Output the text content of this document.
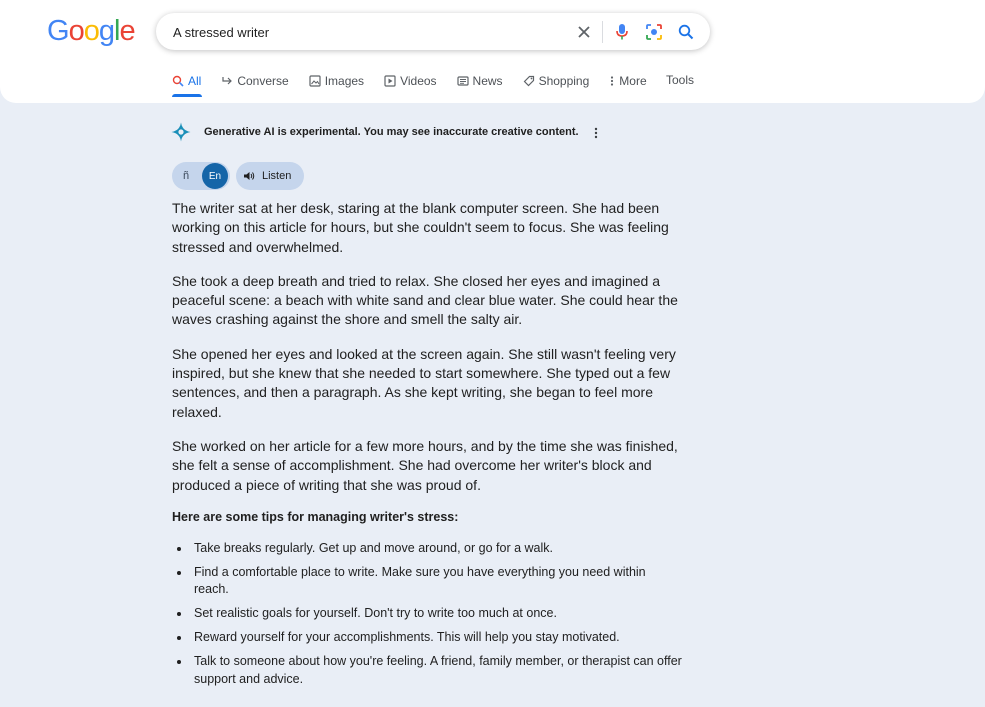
Google
A stressed writer
All	Converse	Images	Videos	News	Shopping	More Tools
Generative AI is experimental. You may see inaccurate creative content.
ñ	En	Listen

The writer sat at her desk, staring at the blank computer screen. She had been working on this article for hours, but she couldn't seem to focus. She was feeling stressed and overwhelmed.

She took a deep breath and tried to relax. She closed her eyes and imagined a peaceful scene: a beach with white sand and clear blue water. She could hear the waves crashing against the shore and smell the salty air.

She opened her eyes and looked at the screen again. She still wasn't feeling very inspired, but she knew that she needed to start somewhere. She typed out a few sentences, and then a paragraph. As she kept writing, she began to feel more relaxed.

She worked on her article for a few more hours, and by the time she was finished, she felt a sense of accomplishment. She had overcome her writer's block and produced a piece of writing that she was proud of.

Here are some tips for managing writer's stress:

Take breaks regularly. Get up and move around, or go for a walk.
Find a comfortable place to write. Make sure you have everything you need within reach.
Set realistic goals for yourself. Don't try to write too much at once.
Reward yourself for your accomplishments. This will help you stay motivated.
Talk to someone about how you're feeling. A friend, family member, or therapist can offer support and advice.
